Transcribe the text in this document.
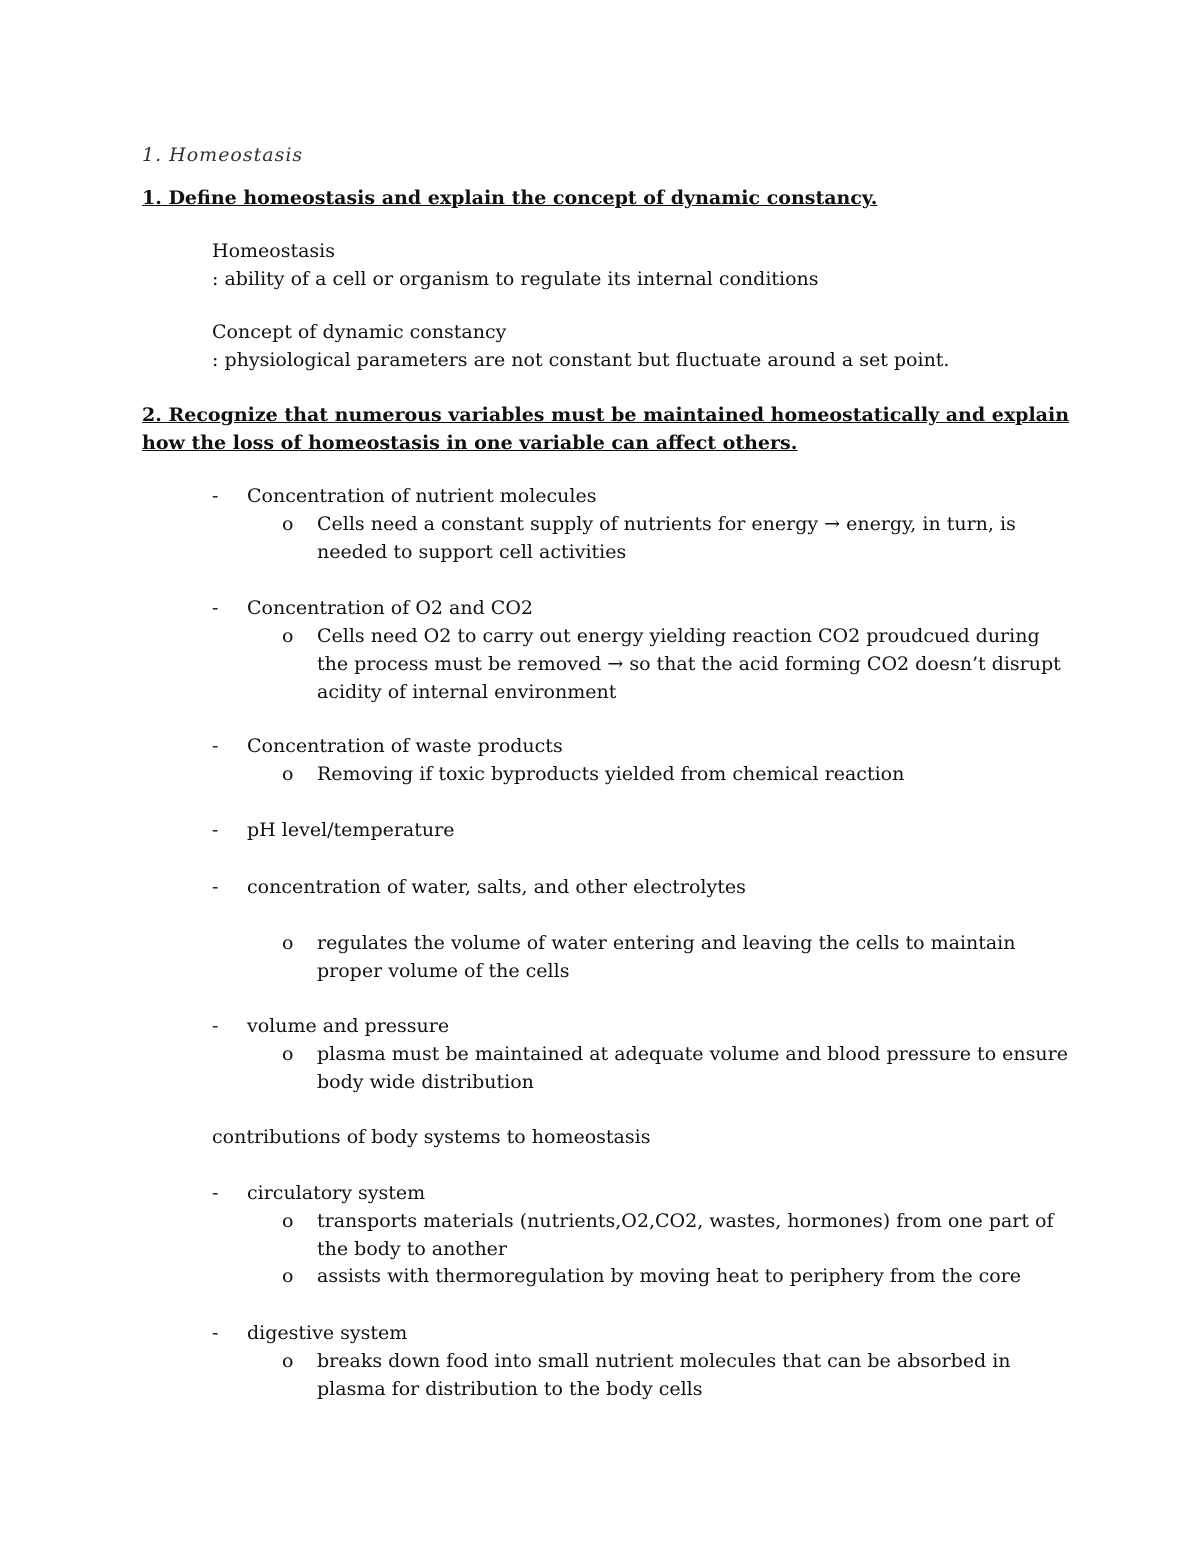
1. Homeostasis
1. Define homeostasis and explain the concept of dynamic constancy.
Homeostasis
: ability of a cell or organism to regulate its internal conditions
Concept of dynamic constancy
: physiological parameters are not constant but fluctuate around a set point.
2. Recognize that numerous variables must be maintained homeostatically and explain how the loss of homeostasis in one variable can affect others.
- Concentration of nutrient molecules
o Cells need a constant supply of nutrients for energy → energy, in turn, is needed to support cell activities
- Concentration of O2 and CO2
o Cells need O2 to carry out energy yielding reaction CO2 proudcued during the process must be removed → so that the acid forming CO2 doesn’t disrupt acidity of internal environment
- Concentration of waste products
o Removing if toxic byproducts yielded from chemical reaction
- pH level/temperature
- concentration of water, salts, and other electrolytes
o regulates the volume of water entering and leaving the cells to maintain proper volume of the cells
- volume and pressure
o plasma must be maintained at adequate volume and blood pressure to ensure body wide distribution
contributions of body systems to homeostasis
- circulatory system
o transports materials (nutrients,O2,CO2, wastes, hormones) from one part of the body to another
o assists with thermoregulation by moving heat to periphery from the core
- digestive system
o breaks down food into small nutrient molecules that can be absorbed in plasma for distribution to the body cells
